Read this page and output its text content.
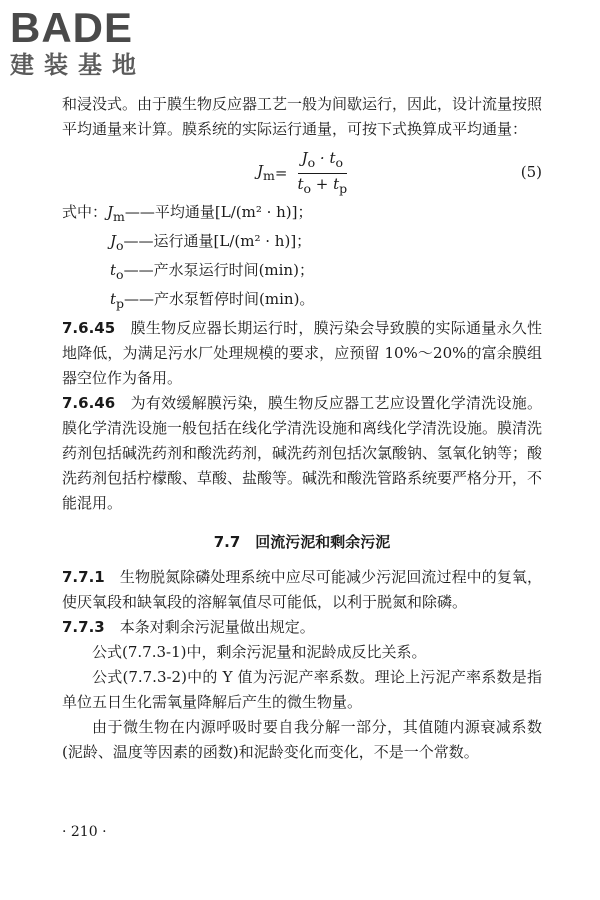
BADE
建装基地

和浸没式。由于膜生物反应器工艺一般为间歇运行，因此，设计流量按照平均通量来计算。膜系统的实际运行通量，可按下式换算成平均通量：

$J_m = \frac{J_o \cdot t_o}{t_o + t_p}$	(5)

式中：$J_m——$平均通量[L/(m² · h)]；

$J_o——$运行通量[L/(m² · h)]；

$t_o——$产水泵运行时间(min)；

$t_p——$产水泵暂停时间(min)。

7.6.45　 膜生物反应器长期运行时，膜污染会导致膜的实际通量永久性地降低，为满足污水厂处理规模的要求，应预留 10%～20%的富余膜组器空位作为备用。

7.6.46　 为有效缓解膜污染，膜生物反应器工艺应设置化学清洗设施。膜化学清洗设施一般包括在线化学清洗设施和离线化学清洗设施。膜清洗药剂包括碱洗药剂和酸洗药剂，碱洗药剂包括次氯酸钠、氢氧化钠等；酸洗药剂包括柠檬酸、草酸、盐酸等。碱洗和酸洗管路系统要严格分开，不能混用。

7.7　回流污泥和剩余污泥

7.7.1　 生物脱氮除磷处理系统中应尽可能减少污泥回流过程中的复氧，使厌氧段和缺氧段的溶解氧值尽可能低，以利于脱氮和除磷。

7.7.3　 本条对剩余污泥量做出规定。

公式(7.7.3-1)中，剩余污泥量和泥龄成反比关系。

公式(7.7.3-2)中的 Y 值为污泥产率系数。理论上污泥产率系数是指单位五日生化需氧量降解后产生的微生物量。

由于微生物在内源呼吸时要自我分解一部分，其值随内源衰减系数(泥龄、温度等因素的函数)和泥龄变化而变化，不是一个常数。

· 210 ·
